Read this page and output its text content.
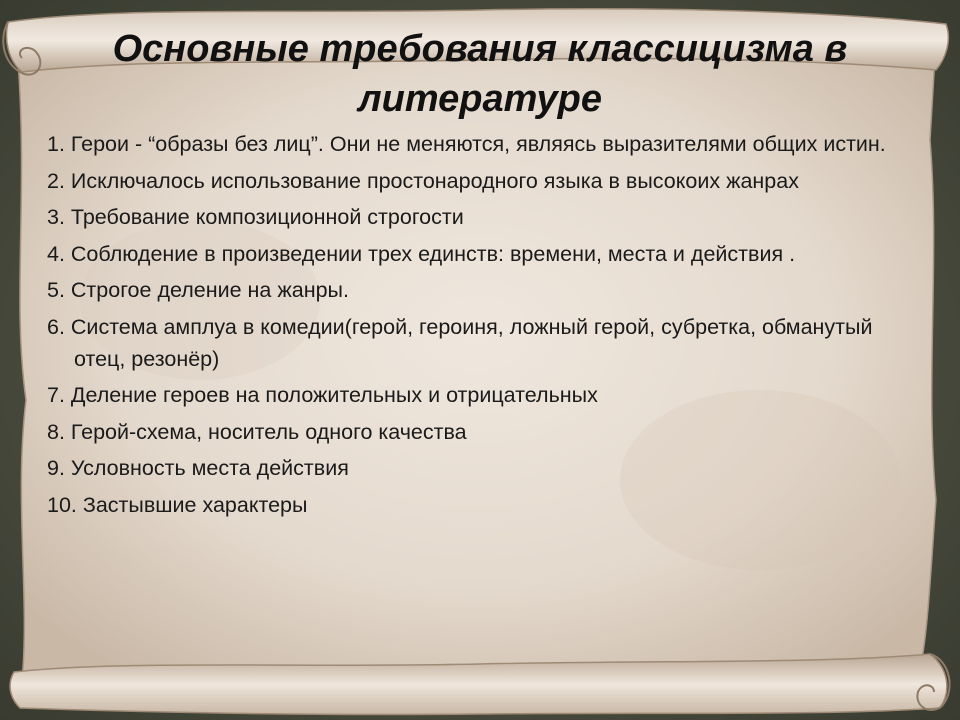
Основные требования классицизма в литературе
1. Герои - “образы без лиц”. Они не меняются, являясь выразителями общих истин.
2. Исключалось использование простонародного языка в высокоих жанрах
3. Требование композиционной строгости
4. Соблюдение в произведении трех единств: времени, места и действия .
5. Строгое деление на жанры.
6. Система амплуа в комедии(герой, героиня, ложный герой, субретка, обманутый отец, резонёр)
7. Деление героев на положительных и отрицательных
8. Герой-схема, носитель одного качества
9. Условность места действия
10. Застывшие характеры
